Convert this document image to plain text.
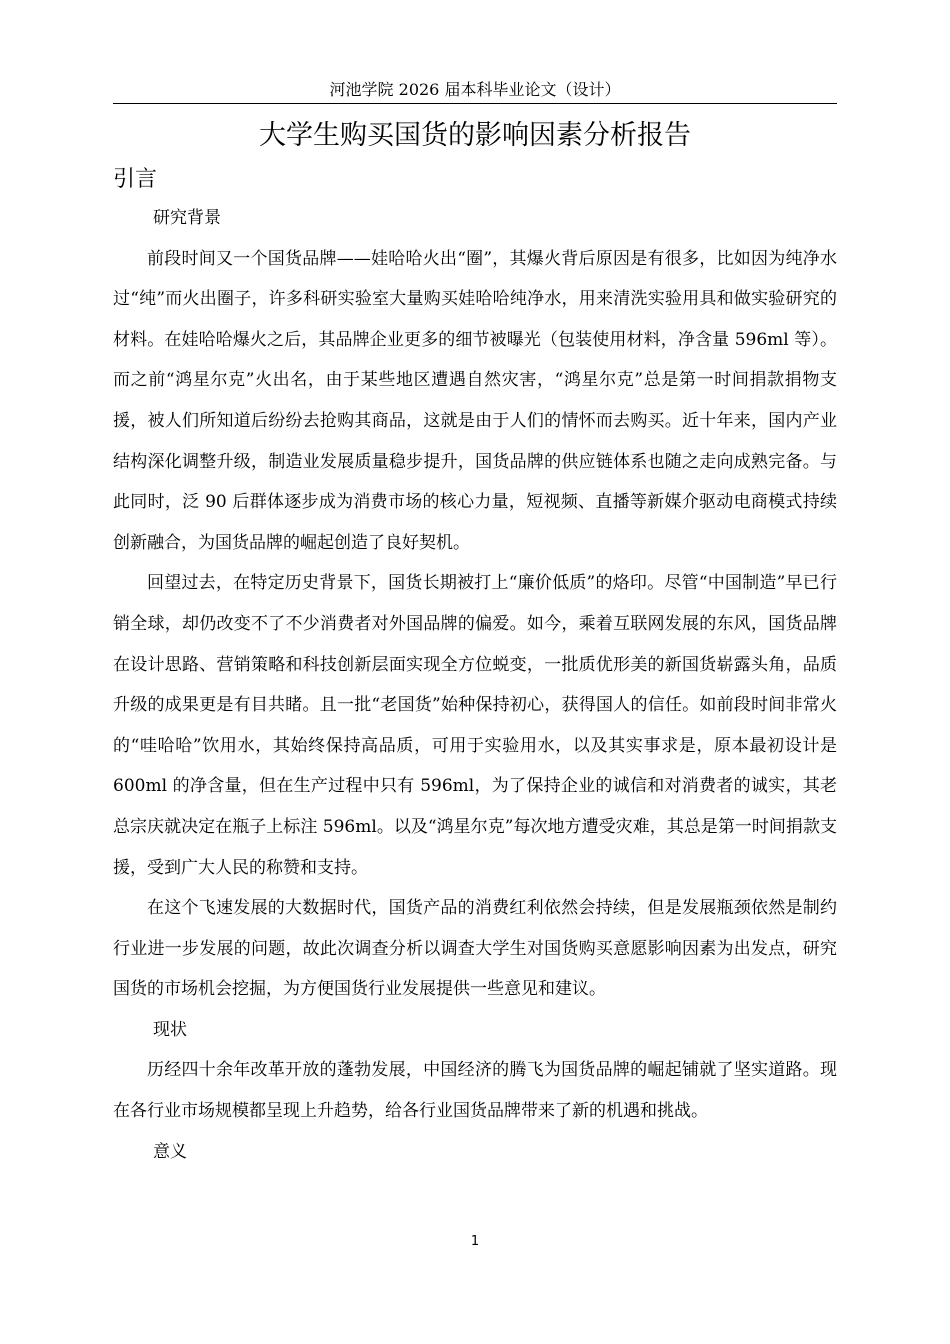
河池学院 2026 届本科毕业论文（设计）
大学生购买国货的影响因素分析报告
引言

研究背景

前段时间又一个国货品牌——娃哈哈火出“圈”，其爆火背后原因是有很多，比如因为纯净水过“纯”而火出圈子，许多科研实验室大量购买娃哈哈纯净水，用来清洗实验用具和做实验研究的材料。在娃哈哈爆火之后，其品牌企业更多的细节被曝光（包装使用材料，净含量 596ml 等）。而之前“鸿星尔克”火出名，由于某些地区遭遇自然灾害，“鸿星尔克”总是第一时间捐款捐物支援，被人们所知道后纷纷去抢购其商品，这就是由于人们的情怀而去购买。近十年来，国内产业结构深化调整升级，制造业发展质量稳步提升，国货品牌的供应链体系也随之走向成熟完备。与此同时，泛 90 后群体逐步成为消费市场的核心力量，短视频、直播等新媒介驱动电商模式持续创新融合，为国货品牌的崛起创造了良好契机。

回望过去，在特定历史背景下，国货长期被打上“廉价低质”的烙印。尽管“中国制造”早已行销全球，却仍改变不了不少消费者对外国品牌的偏爱。如今，乘着互联网发展的东风，国货品牌在设计思路、营销策略和科技创新层面实现全方位蜕变，一批质优形美的新国货崭露头角，品质升级的成果更是有目共睹。且一批“老国货”始种保持初心，获得国人的信任。如前段时间非常火的“哇哈哈”饮用水，其始终保持高品质，可用于实验用水，以及其实事求是，原本最初设计是 600ml 的净含量，但在生产过程中只有 596ml，为了保持企业的诚信和对消费者的诚实，其老总宗庆就决定在瓶子上标注 596ml。以及“鸿星尔克”每次地方遭受灾难，其总是第一时间捐款支援，受到广大人民的称赞和支持。

在这个飞速发展的大数据时代，国货产品的消费红利依然会持续，但是发展瓶颈依然是制约行业进一步发展的问题，故此次调查分析以调查大学生对国货购买意愿影响因素为出发点，研究国货的市场机会挖掘，为方便国货行业发展提供一些意见和建议。

现状

历经四十余年改革开放的蓬勃发展，中国经济的腾飞为国货品牌的崛起铺就了坚实道路。现在各行业市场规模都呈现上升趋势，给各行业国货品牌带来了新的机遇和挑战。

意义

1
